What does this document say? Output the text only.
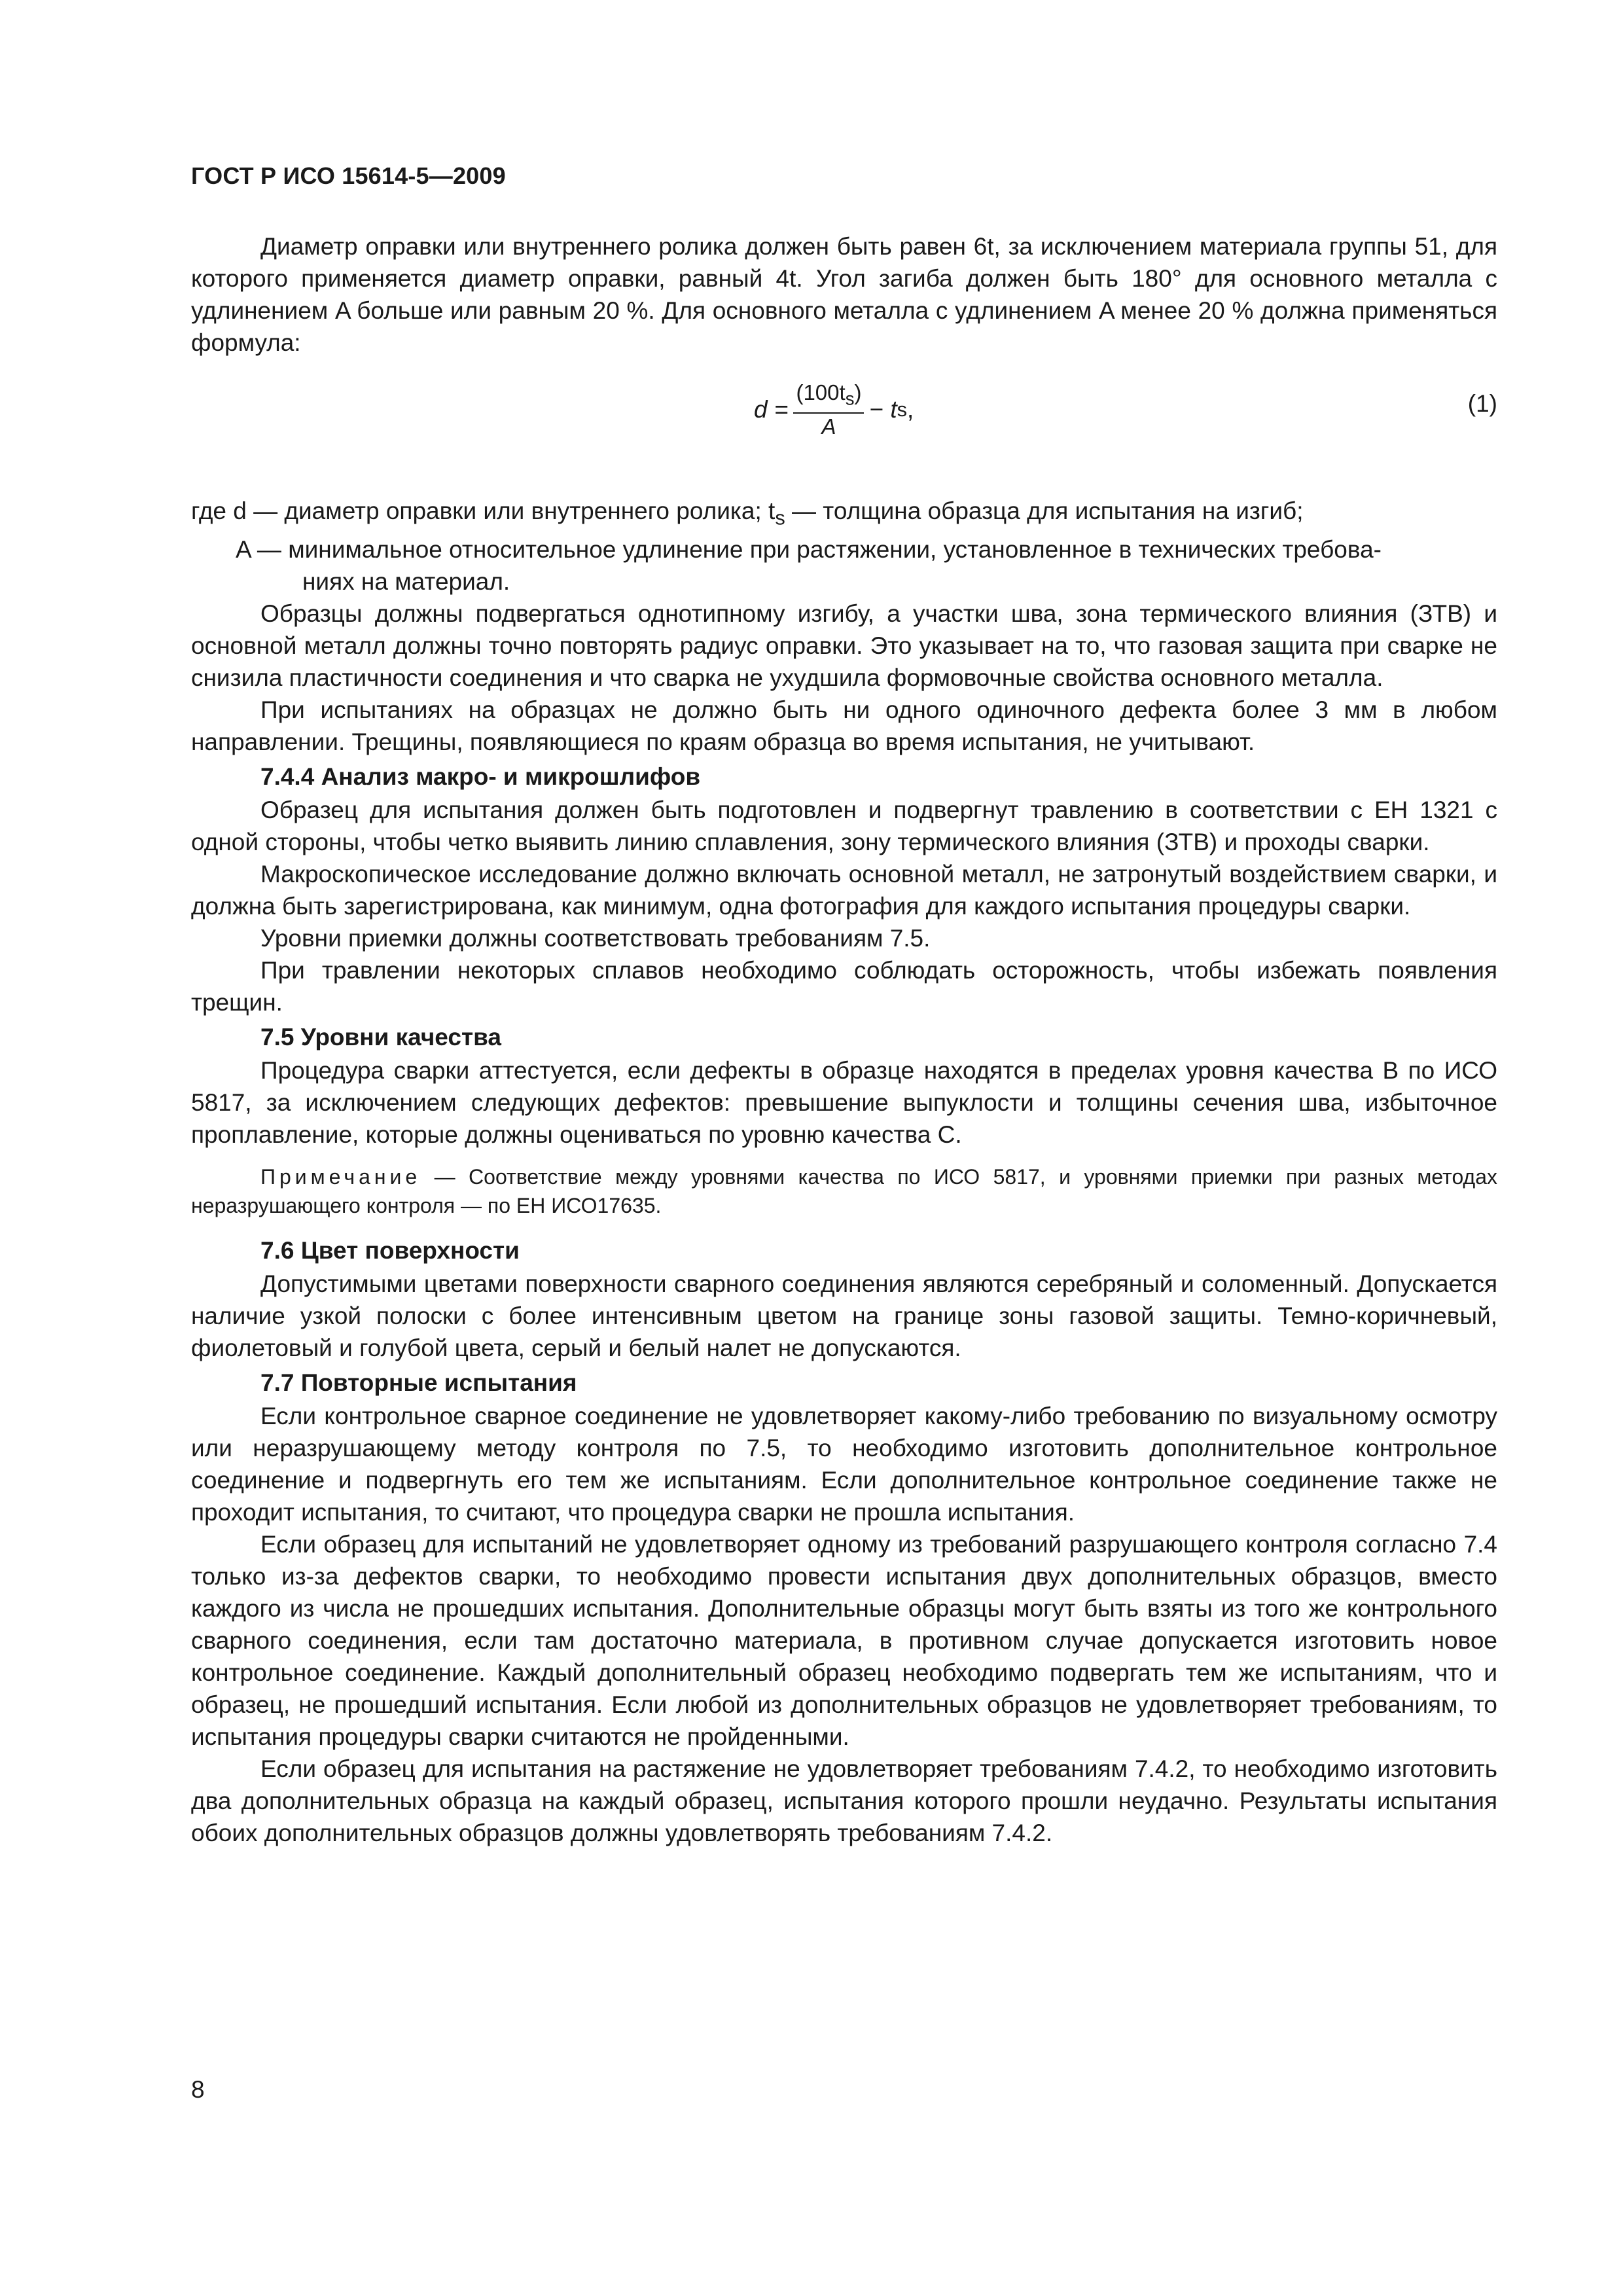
ГОСТ Р ИСО 15614-5—2009

Диаметр оправки или внутреннего ролика должен быть равен 6t, за исключением материала группы 51, для которого применяется диаметр оправки, равный 4t. Угол загиба должен быть 180° для основного металла с удлинением A больше или равным 20 %. Для основного металла с удлинением A менее 20 % должна применяться формула:

$d = \frac{(100t_s)}{A}$ −
t s ,	(1)

где d — диаметр оправки или внутреннего ролика; $t_s$ — толщина образца для испытания на изгиб;

A — минимальное относительное удлинение при растяжении, установленное в технических требова-
ниях на материал.

Образцы должны подвергаться однотипному изгибу, а участки шва, зона термического влияния (ЗТВ) и основной металл должны точно повторять радиус оправки. Это указывает на то, что газовая защита при сварке не снизила пластичности соединения и что сварка не ухудшила формовочные свойства основного металла.

При испытаниях на образцах не должно быть ни одного одиночного дефекта более 3 мм в любом направлении. Трещины, появляющиеся по краям образца во время испытания, не учитывают.

7.4.4 Анализ макро- и микрошлифов

Образец для испытания должен быть подготовлен и подвергнут травлению в соответствии с ЕН 1321 с одной стороны, чтобы четко выявить линию сплавления, зону термического влияния (ЗТВ) и проходы сварки.

Макроскопическое исследование должно включать основной металл, не затронутый воздействием сварки, и должна быть зарегистрирована, как минимум, одна фотография для каждого испытания процедуры сварки.

Уровни приемки должны соответствовать требованиям 7.5.

При травлении некоторых сплавов необходимо соблюдать осторожность, чтобы избежать появления трещин.

7.5 Уровни качества

Процедура сварки аттестуется, если дефекты в образце находятся в пределах уровня качества B по ИСО 5817, за исключением следующих дефектов: превышение выпуклости и толщины сечения шва, избыточное проплавление, которые должны оцениваться по уровню качества C.

Примечание — Соответствие между уровнями качества по ИСО 5817, и уровнями приемки при разных методах неразрушающего контроля — по ЕН ИСО17635.

7.6 Цвет поверхности

Допустимыми цветами поверхности сварного соединения являются серебряный и соломенный. Допускается наличие узкой полоски с более интенсивным цветом на границе зоны газовой защиты. Темно-коричневый, фиолетовый и голубой цвета, серый и белый налет не допускаются.

7.7 Повторные испытания

Если контрольное сварное соединение не удовлетворяет какому-либо требованию по визуальному осмотру или неразрушающему методу контроля по 7.5, то необходимо изготовить дополнительное контрольное соединение и подвергнуть его тем же испытаниям. Если дополнительное контрольное соединение также не проходит испытания, то считают, что процедура сварки не прошла испытания.

Если образец для испытаний не удовлетворяет одному из требований разрушающего контроля согласно 7.4 только из-за дефектов сварки, то необходимо провести испытания двух дополнительных образцов, вместо каждого из числа не прошедших испытания. Дополнительные образцы могут быть взяты из того же контрольного сварного соединения, если там достаточно материала, в противном случае допускается изготовить новое контрольное соединение. Каждый дополнительный образец необходимо подвергать тем же испытаниям, что и образец, не прошедший испытания. Если любой из дополнительных образцов не удовлетворяет требованиям, то испытания процедуры сварки считаются не пройденными.

Если образец для испытания на растяжение не удовлетворяет требованиям 7.4.2, то необходимо изготовить два дополнительных образца на каждый образец, испытания которого прошли неудачно. Результаты испытания обоих дополнительных образцов должны удовлетворять требованиям 7.4.2.

8
